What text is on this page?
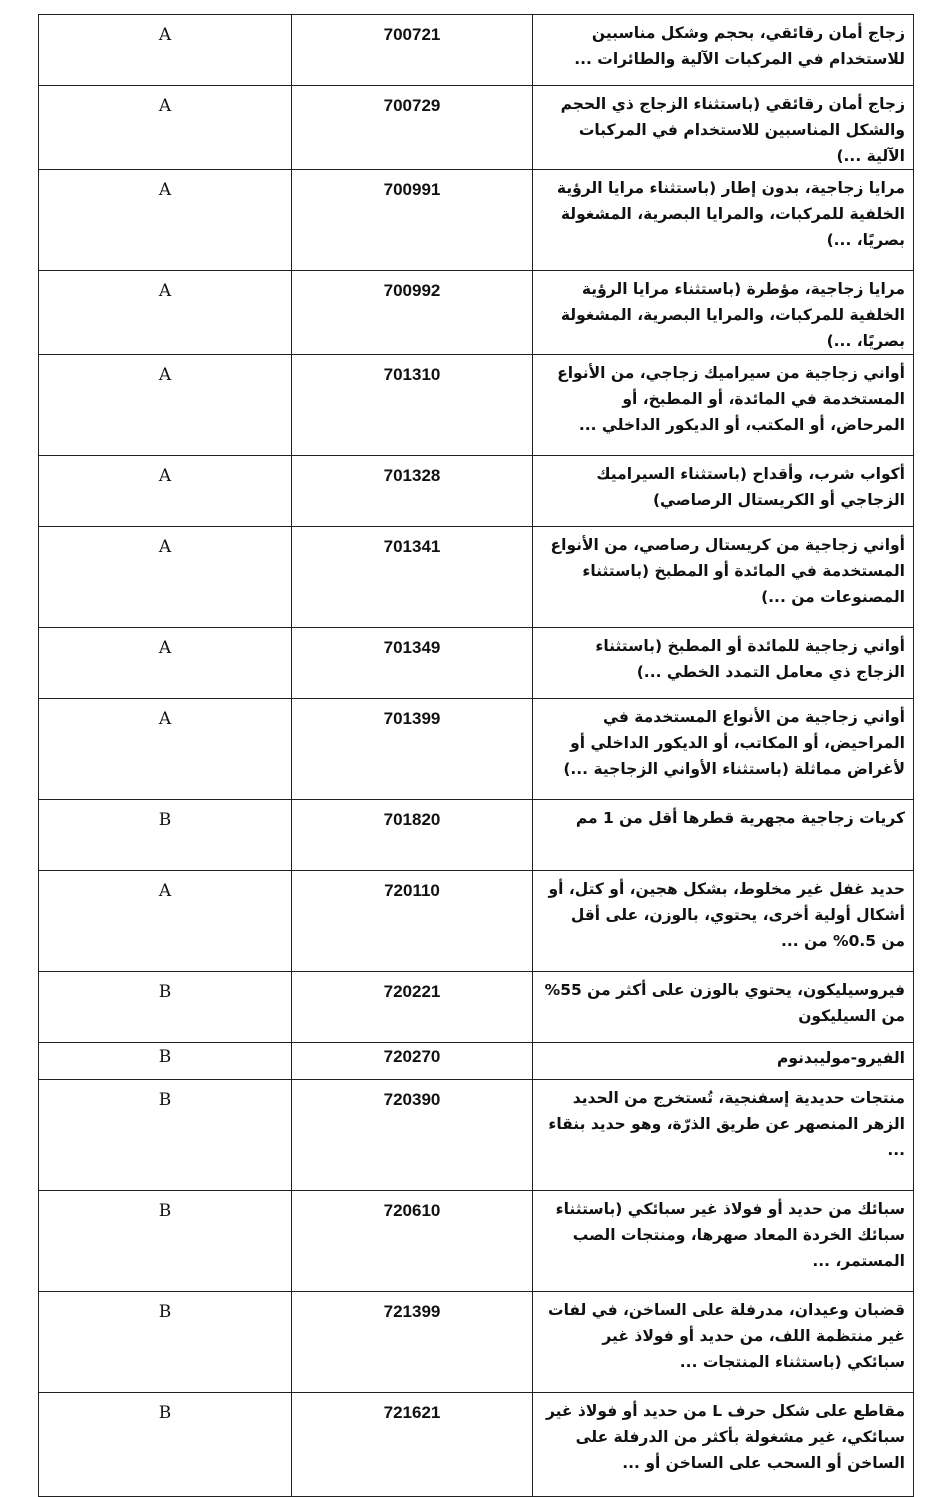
A	700721	زجاج أمان رقائقي، بحجم وشكل مناسبين للاستخدام في المركبات الآلية والطائرات ...
A	700729	زجاج أمان رقائقي (باستثناء الزجاج ذي الحجم والشكل المناسبين للاستخدام في المركبات الآلية ...)
A	700991	مرايا زجاجية، بدون إطار (باستثناء مرايا الرؤية الخلفية للمركبات، والمرايا البصرية، المشغولة بصريًا، ...)
A	700992	مرايا زجاجية، مؤطرة (باستثناء مرايا الرؤية الخلفية للمركبات، والمرايا البصرية، المشغولة بصريًا، ...)
A	701310	أواني زجاجية من سيراميك زجاجي، من الأنواع المستخدمة في المائدة، أو المطبخ، أو المرحاض، أو المكتب، أو الديكور الداخلي ...
A	701328	أكواب شرب، وأقداح (باستثناء السيراميك الزجاجي أو الكريستال الرصاصي)
A	701341	أواني زجاجية من كريستال رصاصي، من الأنواع المستخدمة في المائدة أو المطبخ (باستثناء المصنوعات من ...)
A	701349	أواني زجاجية للمائدة أو المطبخ (باستثناء الزجاج ذي معامل التمدد الخطي ...)
A	701399	أواني زجاجية من الأنواع المستخدمة في المراحيض، أو المكاتب، أو الديكور الداخلي أو لأغراض مماثلة (باستثناء الأواني الزجاجية ...)
B	701820	كريات زجاجية مجهرية قطرها أقل من 1 مم
A	720110	حديد غفل غير مخلوط، بشكل هجين، أو كتل، أو أشكال أولية أخرى، يحتوي، بالوزن، على أقل من 0.5% من ...
B	720221	فيروسيليكون، يحتوي بالوزن على أكثر من 55% من السيليكون
B	720270	الفيرو-موليبدنوم
B	720390	منتجات حديدية إسفنجية، تُستخرج من الحديد الزهر المنصهر عن طريق الذرّة، وهو حديد بنقاء ...
B	720610	سبائك من حديد أو فولاذ غير سبائكي (باستثناء سبائك الخردة المعاد صهرها، ومنتجات الصب المستمر، ...
B	721399	قضبان وعيدان، مدرفلة على الساخن، في لفات غير منتظمة اللف، من حديد أو فولاذ غير سبائكي (باستثناء المنتجات ...
B	721621	مقاطع على شكل حرف L من حديد أو فولاذ غير سبائكي، غير مشغولة بأكثر من الدرفلة على الساخن أو السحب على الساخن أو ...
